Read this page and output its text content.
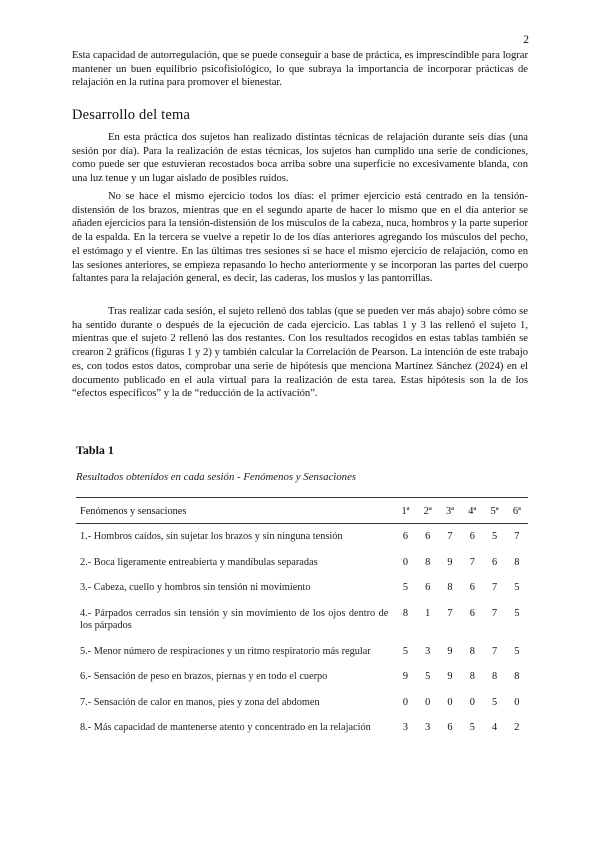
2

Esta capacidad de autorregulación, que se puede conseguir a base de práctica, es imprescindible para lograr mantener un buen equilibrio psicofisiológico, lo que subraya la importancia de incorporar prácticas de relajación en la rutina para promover el bienestar.

Desarrollo del tema

En esta práctica dos sujetos han realizado distintas técnicas de relajación durante seis días (una sesión por día). Para la realización de estas técnicas, los sujetos han cumplido una serie de condiciones, como puede ser que estuvieran recostados boca arriba sobre una superficie no excesivamente blanda, con una luz tenue y un lugar aislado de posibles ruidos.

No se hace el mismo ejercicio todos los días: el primer ejercicio está centrado en la tensión-distensión de los brazos, mientras que en el segundo aparte de hacer lo mismo que en el día anterior se añaden ejercicios para la tensión-distensión de los músculos de la cabeza, nuca, hombros y la parte superior de la espalda. En la tercera se vuelve a repetir lo de los días anteriores agregando los músculos del pecho, el estómago y el vientre. En las últimas tres sesiones si se hace el mismo ejercicio de relajación, como en las sesiones anteriores, se empieza repasando lo hecho anteriormente y se incorporan las partes del cuerpo faltantes para la relajación general, es decir, las caderas, los muslos y las pantorrillas.

Tras realizar cada sesión, el sujeto rellenó dos tablas (que se pueden ver más abajo) sobre cómo se ha sentido durante o después de la ejecución de cada ejercicio. Las tablas 1 y 3 las rellenó el sujeto 1, mientras que el sujeto 2 rellenó las dos restantes. Con los resultados recogidos en estas tablas también se crearon 2 gráficos (figuras 1 y 2) y también calcular la Correlación de Pearson. La intención de este trabajo es, con todos estos datos, comprobar una serie de hipótesis que menciona Martínez Sánchez (2024) en el documento publicado en el aula virtual para la realización de esta tarea. Estas hipótesis son la de los “efectos específicos” y la de “reducción de la activación”.

Tabla 1

Resultados obtenidos en cada sesión - Fenómenos y Sensaciones

Fenómenos y sensaciones	1ª	2ª	3ª	4ª	5ª	6ª
1.- Hombros caídos, sin sujetar los brazos y sin ninguna tensión	6	6	7	6	5	7
2.- Boca ligeramente entreabierta y mandíbulas separadas	0	8	9	7	6	8
3.- Cabeza, cuello y hombros sin tensión ni movimiento	5	6	8	6	7	5
4.- Párpados cerrados sin tensión y sin movimiento de los ojos dentro de los párpados	8	1	7	6	7	5
5.- Menor número de respiraciones y un ritmo respiratorio más regular	5	3	9	8	7	5
6.- Sensación de peso en brazos, piernas y en todo el cuerpo	9	5	9	8	8	8
7.- Sensación de calor en manos, pies y zona del abdomen	0	0	0	0	5	0
8.- Más capacidad de mantenerse atento y concentrado en la relajación	3	3	6	5	4	2
